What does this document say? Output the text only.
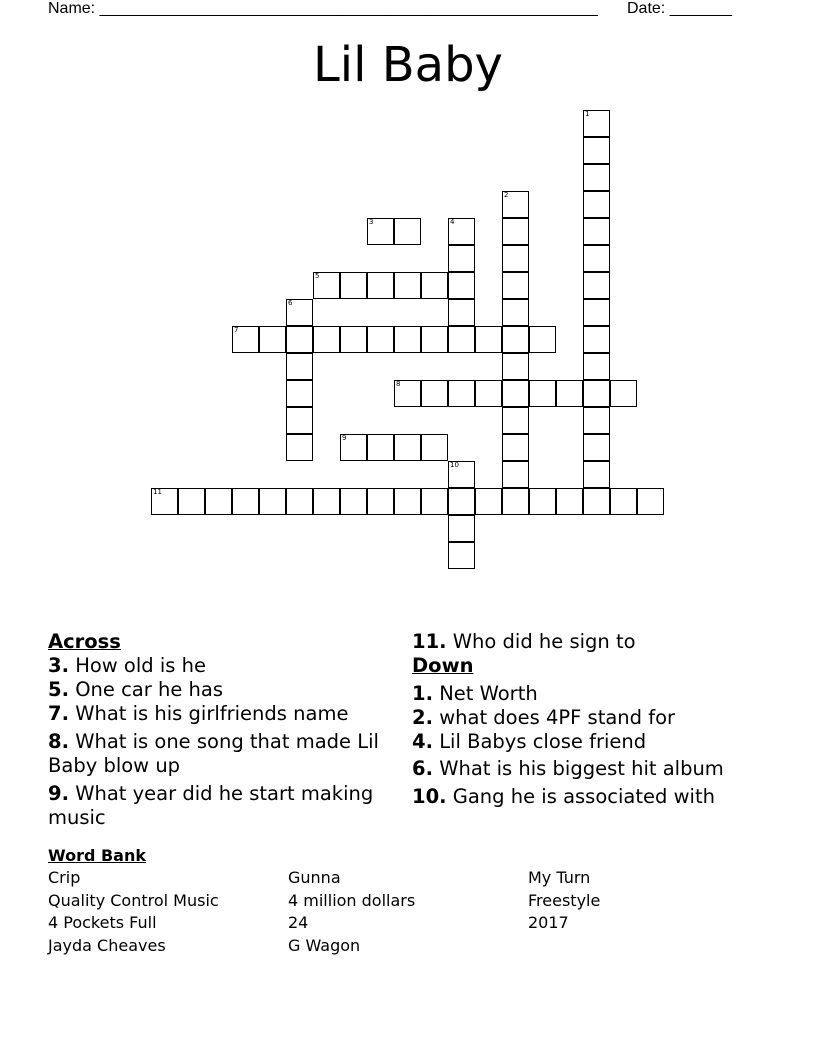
Name: ________________________________________________________ Date: _______
Lil Baby
1
2
3	4
5
6
7
8
9
10
11

Across

3. How old is he

5. One car he has

7. What is his girlfriends name

8. What is one song that made Lil Baby blow up

9. What year did he start making music

11. Who did he sign to

Down

1. Net Worth

2. what does 4PF stand for

4. Lil Babys close friend

6. What is his biggest hit album

10. Gang he is associated with

Word Bank
Crip
Quality Control Music
4 Pockets Full
Jayda Cheaves
Gunna
4 million dollars
24
G Wagon
My Turn
Freestyle
2017
